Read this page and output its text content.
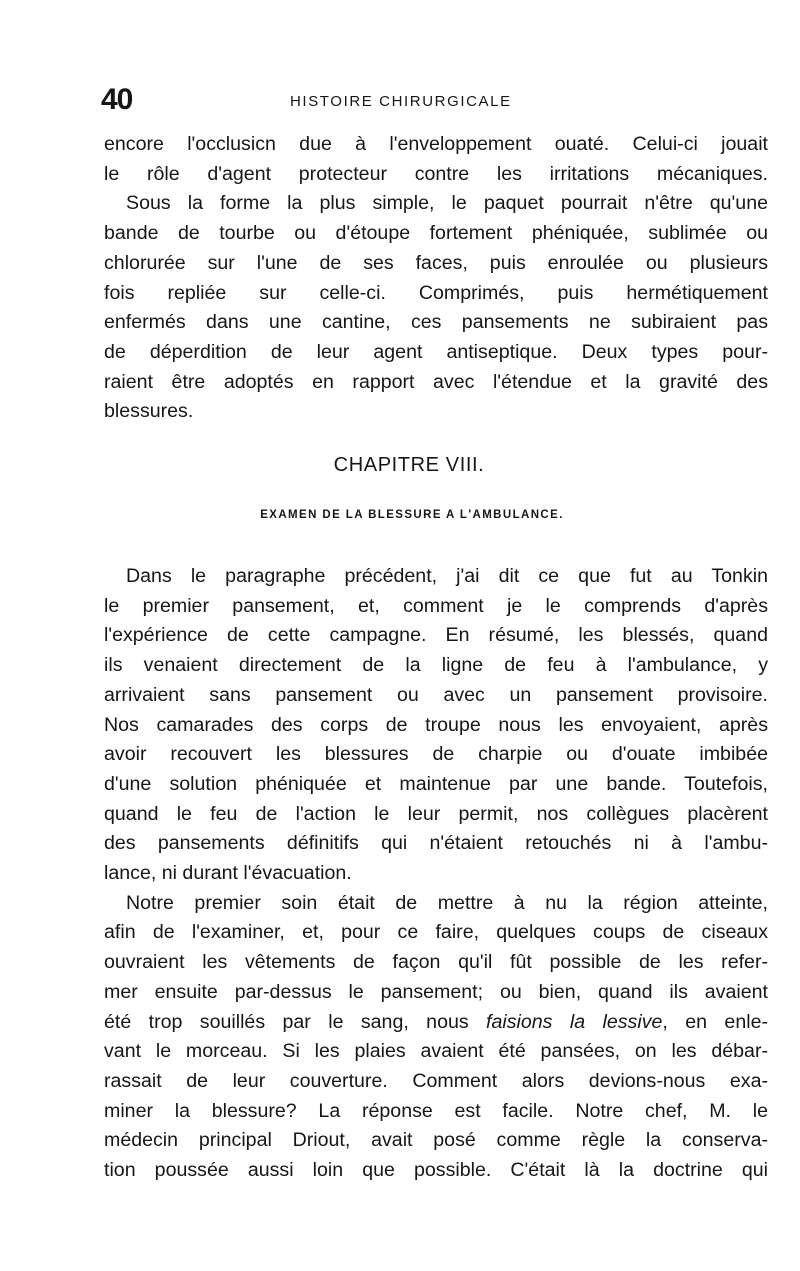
40	HISTOIRE CHIRURGICALE
encore l'occlusicn due à l'enveloppement ouaté. Celui-ci jouait
le rôle d'agent protecteur contre les irritations mécaniques.
Sous la forme la plus simple, le paquet pourrait n'être qu'une
bande de tourbe ou d'étoupe fortement phéniquée, sublimée ou
chlorurée sur l'une de ses faces, puis enroulée ou plusieurs
fois repliée sur celle-ci. Comprimés, puis hermétiquement
enfermés dans une cantine, ces pansements ne subiraient pas
de déperdition de leur agent antiseptique. Deux types pour-
raient être adoptés en rapport avec l'étendue et la gravité des
blessures.
CHAPITRE VIII.
EXAMEN DE LA BLESSURE A L'AMBULANCE.
Dans le paragraphe précédent, j'ai dit ce que fut au Tonkin
le premier pansement, et, comment je le comprends d'après
l'expérience de cette campagne. En résumé, les blessés, quand
ils venaient directement de la ligne de feu à l'ambulance, y
arrivaient sans pansement ou avec un pansement provisoire.
Nos camarades des corps de troupe nous les envoyaient, après
avoir recouvert les blessures de charpie ou d'ouate imbibée
d'une solution phéniquée et maintenue par une bande. Toutefois,
quand le feu de l'action le leur permit, nos collègues placèrent
des pansements définitifs qui n'étaient retouchés ni à l'ambu-
lance, ni durant l'évacuation.
Notre premier soin était de mettre à nu la région atteinte,
afin de l'examiner, et, pour ce faire, quelques coups de ciseaux
ouvraient les vêtements de façon qu'il fût possible de les refer-
mer ensuite par-dessus le pansement; ou bien, quand ils avaient
été trop souillés par le sang, nous faisions la lessive, en enle-
vant le morceau. Si les plaies avaient été pansées, on les débar-
rassait de leur couverture. Comment alors devions-nous exa-
miner la blessure? La réponse est facile. Notre chef, M. le
médecin principal Driout, avait posé comme règle la conserva-
tion poussée aussi loin que possible. C'était là la doctrine qui
